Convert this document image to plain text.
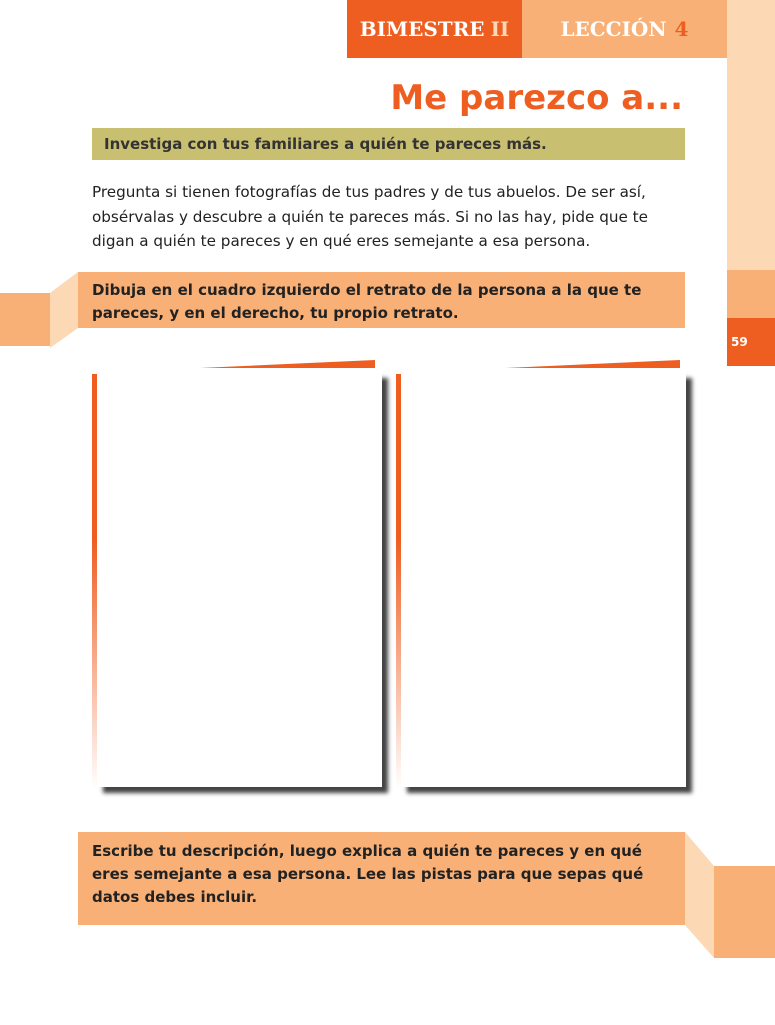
59
BIMESTRE II	LECCIÓN 4
Me parezco a...
Investiga con tus familiares a quién te pareces más.
Pregunta si tienen fotografías de tus padres y de tus abuelos. De ser así, obsérvalas y descubre a quién te pareces más. Si no las hay, pide que te digan a quién te pareces y en qué eres semejante a esa persona.
Dibuja en el cuadro izquierdo el retrato de la persona a la que te pareces, y en el derecho, tu propio retrato.
Escribe tu descripción, luego explica a quién te pareces y en qué eres semejante a esa persona. Lee las pistas para que sepas qué datos debes incluir.
